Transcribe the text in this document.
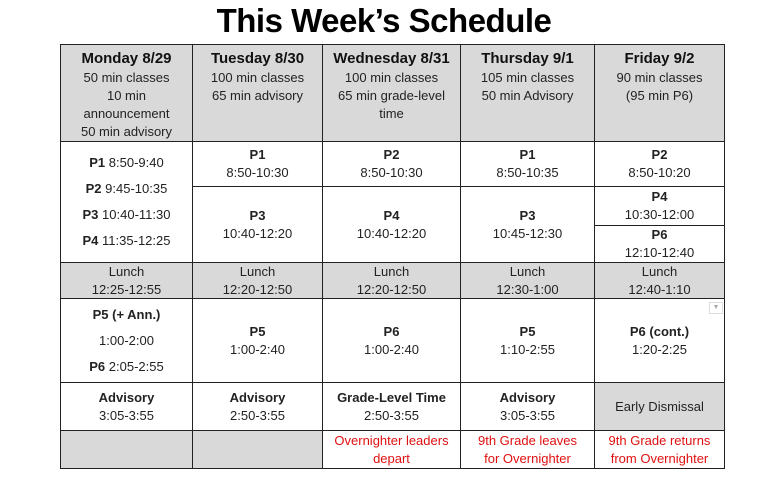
This Week’s Schedule
Monday 8/29
50 min classes
10 min
announcement
50 min advisory
Tuesday 8/30
100 min classes
65 min advisory
Wednesday 8/31
100 min classes
65 min grade-level
time
Thursday 9/1
105 min classes
50 min Advisory
Friday 9/2
90 min classes
(95 min P6)
P1 8:50-9:40
P2 9:45-10:35
P3 10:40-11:30
P4 11:35-12:25
Lunch
12:25-12:55
P5 (+ Ann.)
1:00-2:00
P6 2:05-2:55
Advisory
3:05-3:55
P1
8:50-10:30
P3
10:40-12:20
Lunch
12:20-12:50
P5
1:00-2:40
Advisory
2:50-3:55
P2
8:50-10:30
P4
10:40-12:20
Lunch
12:20-12:50
P6
1:00-2:40
Grade-Level Time
2:50-3:55
P1
8:50-10:35
P3
10:45-12:30
Lunch
12:30-1:00
P5
1:10-2:55
Advisory
3:05-3:55
Overnighter leaders
depart
9th Grade leaves
for Overnighter
P2
8:50-10:20
P4
10:30-12:00
P6
12:10-12:40
Lunch
12:40-1:10
P6 (cont.)
1:20-2:25
Early Dismissal
9th Grade returns
from Overnighter
▼
